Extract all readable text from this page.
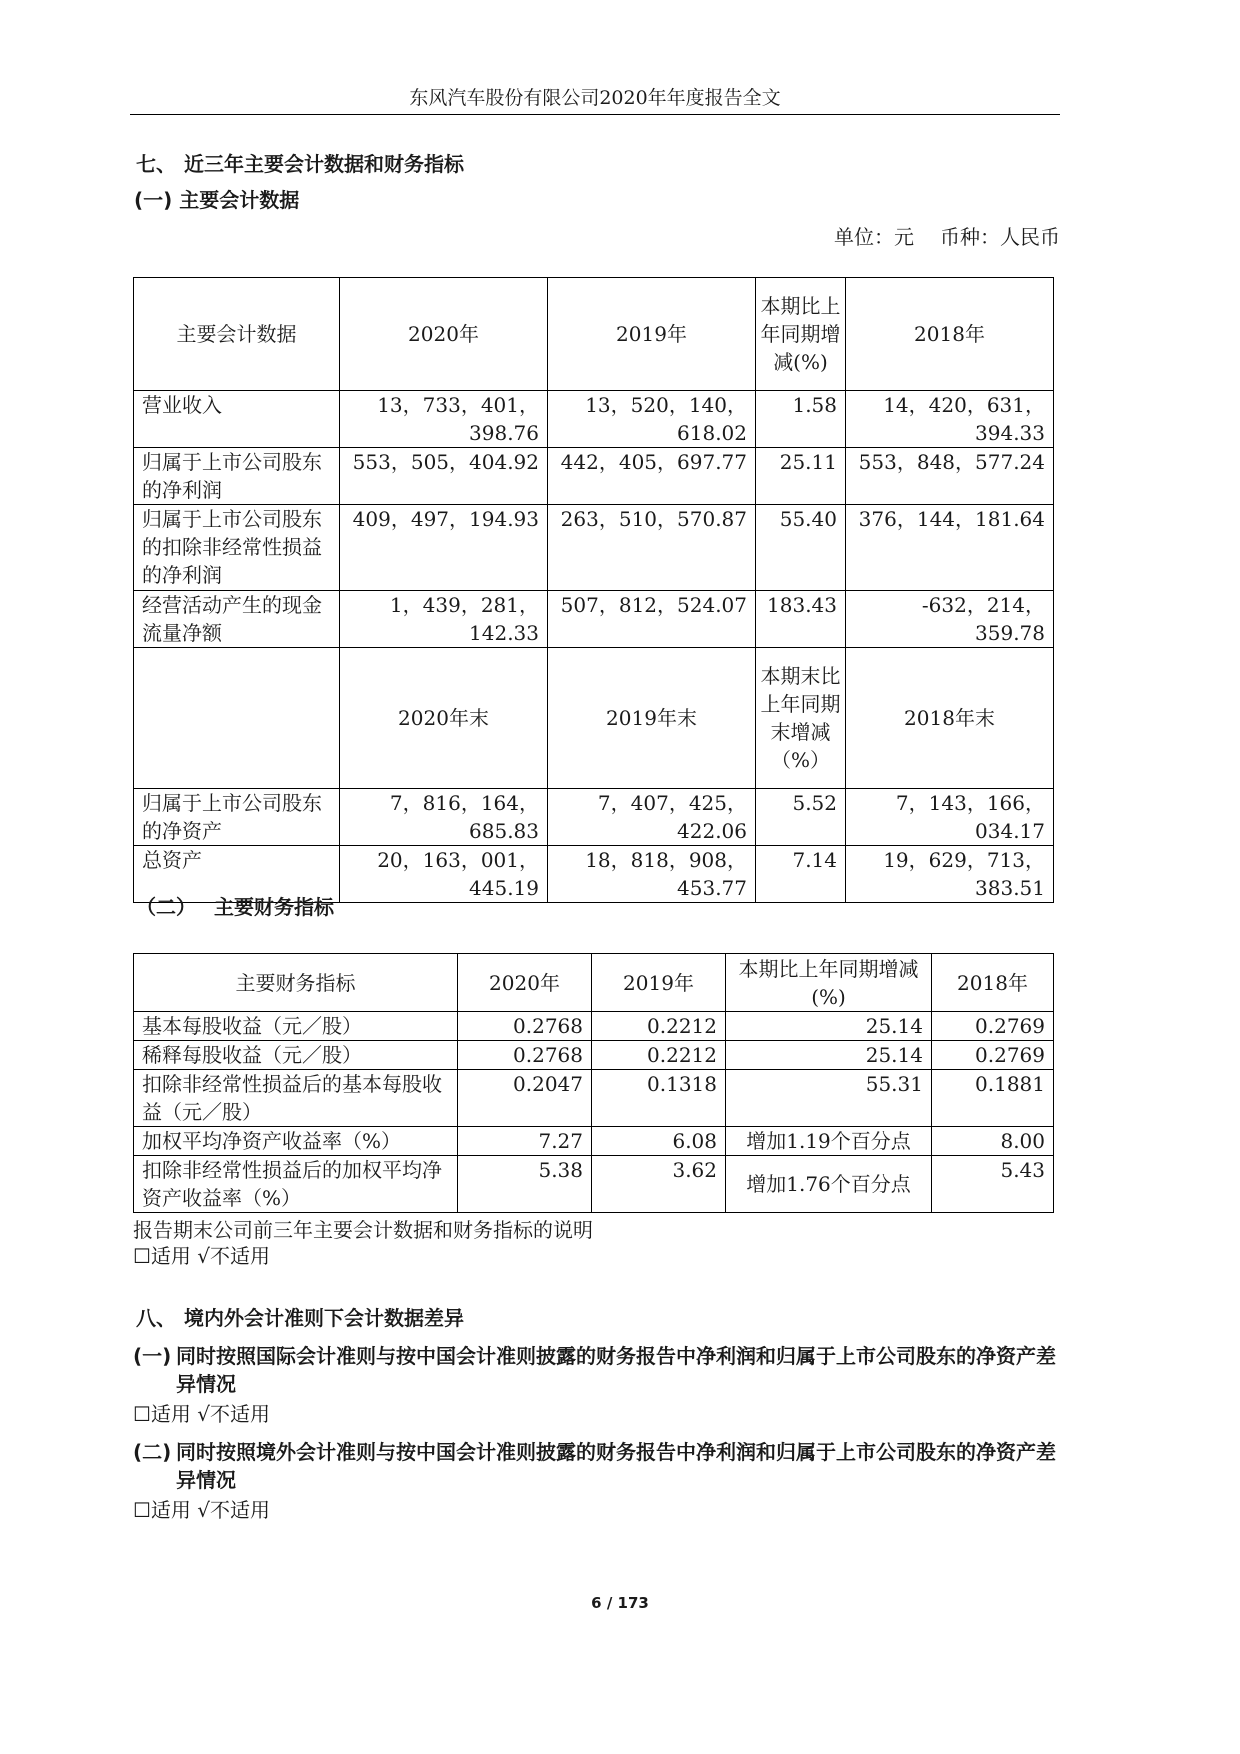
东风汽车股份有限公司2020年年度报告全文
七、 近三年主要会计数据和财务指标
(一) 主要会计数据
单位：元 币种：人民币
主要会计数据	2020年	2019年	本期比上年同期增减(%)	2018年
营业收入	13，733，401，398.76	13，520，140，618.02	1.58	14，420，631，394.33
归属于上市公司股东的净利润	553，505，404.92	442，405，697.77	25.11	553，848，577.24
归属于上市公司股东的扣除非经常性损益的净利润	409，497，194.93	263，510，570.87	55.40	376，144，181.64
经营活动产生的现金流量净额	1，439，281，142.33	507，812，524.07	183.43	-632，214，359.78
	2020年末	2019年末	本期末比上年同期末增减（%）	2018年末
归属于上市公司股东的净资产	7，816，164，685.83	7，407，425，422.06	5.52	7，143，166，034.17
总资产	20，163，001，445.19	18，818，908，453.77	7.14	19，629，713，383.51
（二） 主要财务指标
主要财务指标	2020年	2019年	本期比上年同期增减(%)	2018年
基本每股收益（元／股）	0.2768	0.2212	25.14	0.2769
稀释每股收益（元／股）	0.2768	0.2212	25.14	0.2769
扣除非经常性损益后的基本每股收益（元／股）	0.2047	0.1318	55.31	0.1881
加权平均净资产收益率（%）	7.27	6.08	增加1.19个百分点	8.00
扣除非经常性损益后的加权平均净资产收益率（%）	5.38	3.62	增加1.76个百分点	5.43
报告期末公司前三年主要会计数据和财务指标的说明
☐适用 √不适用
八、 境内外会计准则下会计数据差异
(一) 同时按照国际会计准则与按中国会计准则披露的财务报告中净利润和归属于上市公司股东的净资产差异情况
☐适用 √不适用
(二) 同时按照境外会计准则与按中国会计准则披露的财务报告中净利润和归属于上市公司股东的净资产差异情况
☐适用 √不适用
6 / 173
